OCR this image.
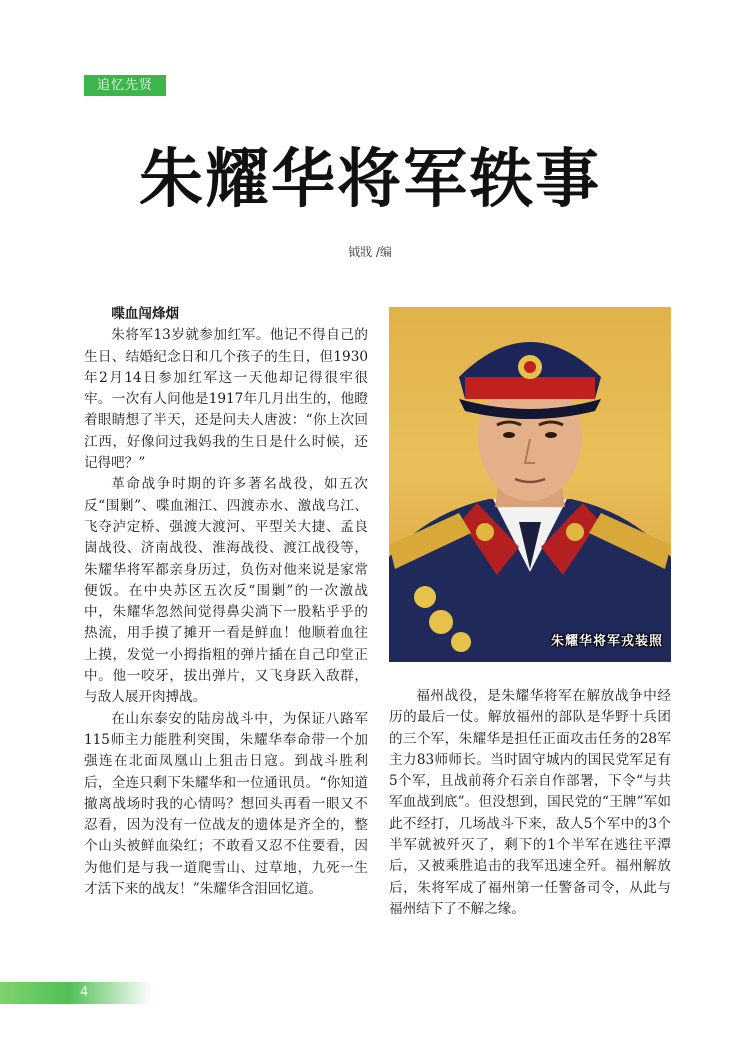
追忆先贤
朱耀华将军轶事
钺戕 /编

喋血闯烽烟

朱将军13岁就参加红军。他记不得自己的生日、结婚纪念日和几个孩子的生日，但1930年2月14日参加红军这一天他却记得很牢很牢。一次有人问他是1917年几月出生的，他瞪着眼睛想了半天，还是问夫人唐波：“你上次回江西，好像问过我妈我的生日是什么时候，还记得吧？”

革命战争时期的许多著名战役，如五次反“围剿”、喋血湘江、四渡赤水、激战乌江、飞夺泸定桥、强渡大渡河、平型关大捷、孟良崮战役、济南战役、淮海战役、渡江战役等，朱耀华将军都亲身历过，负伤对他来说是家常便饭。在中央苏区五次反“围剿”的一次激战中，朱耀华忽然间觉得鼻尖淌下一股粘乎乎的热流，用手摸了摊开一看是鲜血！他顺着血往上摸，发觉一小拇指粗的弹片插在自己印堂正中。他一咬牙，拔出弹片，又飞身跃入敌群，与敌人展开肉搏战。

在山东泰安的陆房战斗中，为保证八路军115师主力能胜利突围，朱耀华奉命带一个加强连在北面凤凰山上狙击日寇。到战斗胜利后，全连只剩下朱耀华和一位通讯员。“你知道撤离战场时我的心情吗？想回头再看一眼又不忍看，因为没有一位战友的遗体是齐全的，整个山头被鲜血染红；不敢看又忍不住要看，因为他们是与我一道爬雪山、过草地，九死一生才活下来的战友！”朱耀华含泪回忆道。

朱耀华将军戎装照

福州战役，是朱耀华将军在解放战争中经历的最后一仗。解放福州的部队是华野十兵团的三个军，朱耀华是担任正面攻击任务的28军主力83师师长。当时固守城内的国民党军足有5个军，且战前蒋介石亲自作部署，下令“与共军血战到底”。但没想到，国民党的“王牌”军如此不经打，几场战斗下来，敌人5个军中的3个半军就被歼灭了，剩下的1个半军在逃往平潭后，又被乘胜追击的我军迅速全歼。福州解放后，朱将军成了福州第一任警备司令，从此与福州结下了不解之缘。

4
